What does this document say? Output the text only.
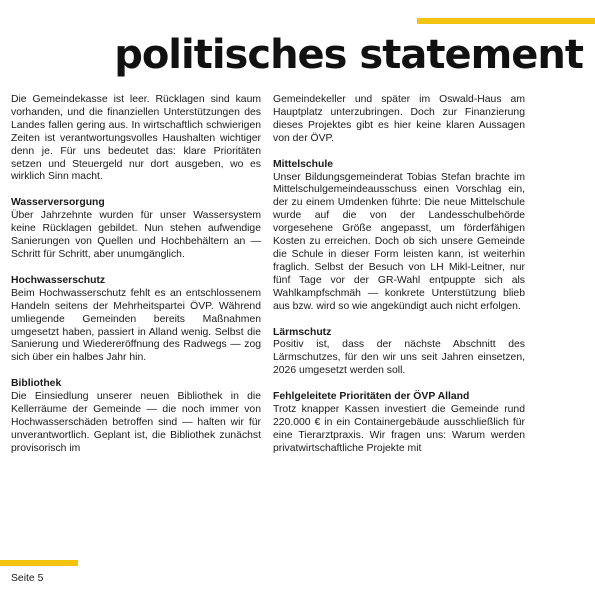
politisches statement
Die Gemeindekasse ist leer. Rücklagen sind kaum vorhanden, und die finanziellen Unterstützungen des Landes fallen gering aus. In wirtschaftlich schwierigen Zeiten ist verantwortungsvolles Haushalten wichtiger denn je. Für uns bedeutet das: klare Prioritäten setzen und Steuergeld nur dort ausgeben, wo es wirklich Sinn macht.
Wasserversorgung
Über Jahrzehnte wurden für unser Wassersystem keine Rücklagen gebildet. Nun stehen aufwendige Sanierungen von Quellen und Hochbehältern an — Schritt für Schritt, aber unumgänglich.
Hochwasserschutz
Beim Hochwasserschutz fehlt es an entschlossenem Handeln seitens der Mehrheitspartei ÖVP. Während umliegende Gemeinden bereits Maßnahmen umgesetzt haben, passiert in Alland wenig. Selbst die Sanierung und Wiedereröffnung des Radwegs — zog sich über ein halbes Jahr hin.
Bibliothek
Die Einsiedlung unserer neuen Bibliothek in die Kellerräume der Gemeinde — die noch immer von Hochwasserschäden betroffen sind — halten wir für unverantwortlich. Geplant ist, die Bibliothek zunächst provisorisch im
Gemeindekeller und später im Oswald-Haus am Hauptplatz unterzubringen. Doch zur Finanzierung dieses Projektes gibt es hier keine klaren Aussagen von der ÖVP.
Mittelschule
Unser Bildungsgemeinderat Tobias Stefan brachte im Mittelschulgemeindeausschuss einen Vorschlag ein, der zu einem Umdenken führte: Die neue Mittelschule wurde auf die von der Landesschulbehörde vorgesehene Größe angepasst, um förderfähigen Kosten zu erreichen. Doch ob sich unsere Gemeinde die Schule in dieser Form leisten kann, ist weiterhin fraglich. Selbst der Besuch von LH Mikl-Leitner, nur fünf Tage vor der GR-Wahl entpuppte sich als Wahlkampfschmäh — konkrete Unterstützung blieb aus bzw. wird so wie angekündigt auch nicht erfolgen.
Lärmschutz
Positiv ist, dass der nächste Abschnitt des Lärmschutzes, für den wir uns seit Jahren einsetzen, 2026 umgesetzt werden soll.
Fehlgeleitete Prioritäten der ÖVP Alland
Trotz knapper Kassen investiert die Gemeinde rund 220.000 € in ein Containergebäude ausschließlich für eine Tierarztpraxis. Wir fragen uns: Warum werden privatwirtschaftliche Projekte mit
Seite 5
